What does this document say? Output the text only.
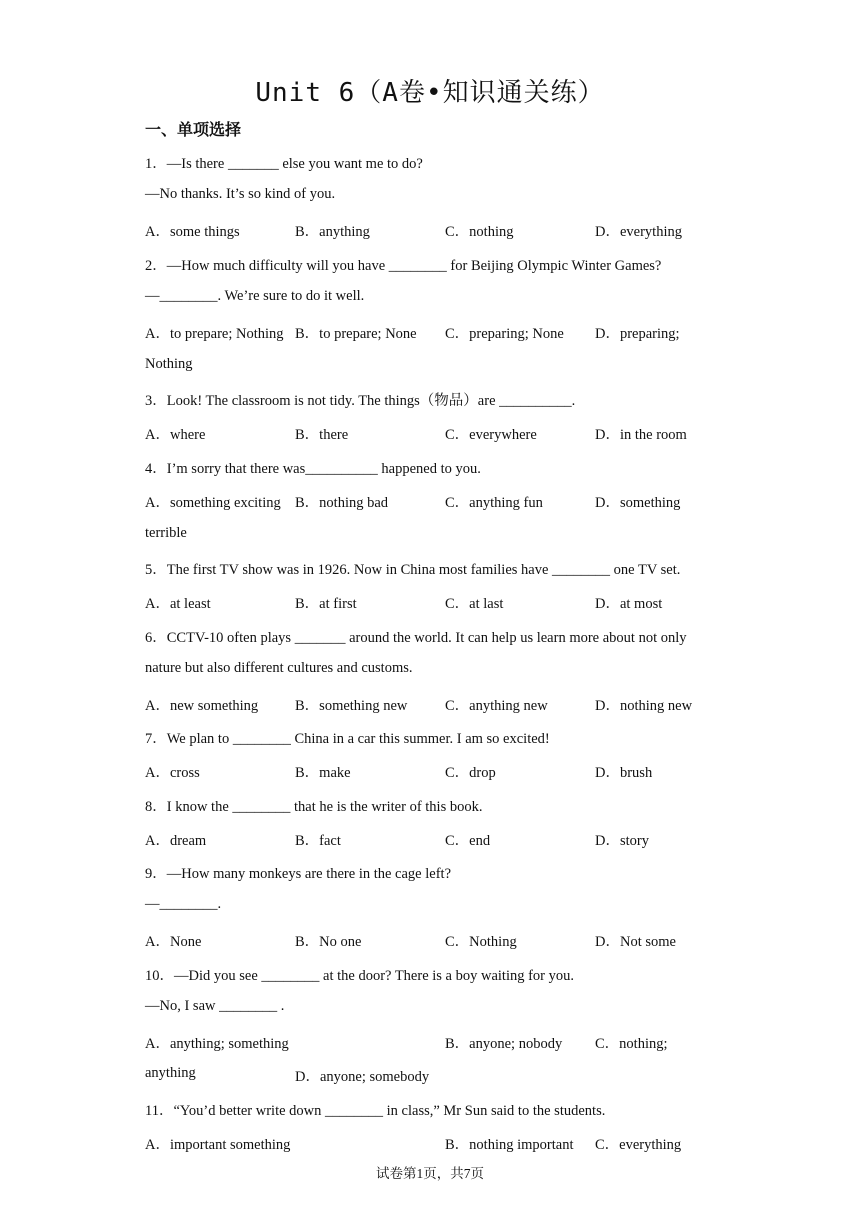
Unit 6（A卷•知识通关练）
一、单项选择
1．—Is there _______ else you want me to do?
—No thanks. It’s so kind of you.
A．some things	B．anything	C．nothing	D．everything
2．—How much difficulty will you have ________ for Beijing Olympic Winter Games?
—________. We’re sure to do it well.
A．to prepare; Nothing B．to prepare; None C．preparing; None D．preparing;
Nothing
3．Look! The classroom is not tidy. The things（物品）are __________.
A．where	B．there	C．everywhere	D．in the room
4．I’m sorry that there was__________ happened to you.
A．something exciting B．nothing bad	C．anything fun	D．something
terrible
5．The first TV show was in 1926. Now in China most families have ________ one TV set.
A．at least	B．at first	C．at last	D．at most
6．CCTV-10 often plays _______ around the world. It can help us learn more about not only
nature but also different cultures and customs.
A．new something	B．something new	C．anything new	D．nothing new
7．We plan to ________ China in a car this summer. I am so excited!
A．cross	B．make	C．drop	D．brush
8．I know the ________ that he is the writer of this book.
A．dream	B．fact	C．end	D．story
9．—How many monkeys are there in the cage left?
—________.
A．None	B．No one	C．Nothing	D．Not some
10．—Did you see ________ at the door? There is a boy waiting for you.
—No, I saw ________ .
A．anything; something	B．anyone; nobody C．nothing;
anything	D．anyone; somebody
11．“You’d better write down ________ in class,” Mr Sun said to the students.
A．important something	B．nothing important C．everything
试卷第1页，共7页
